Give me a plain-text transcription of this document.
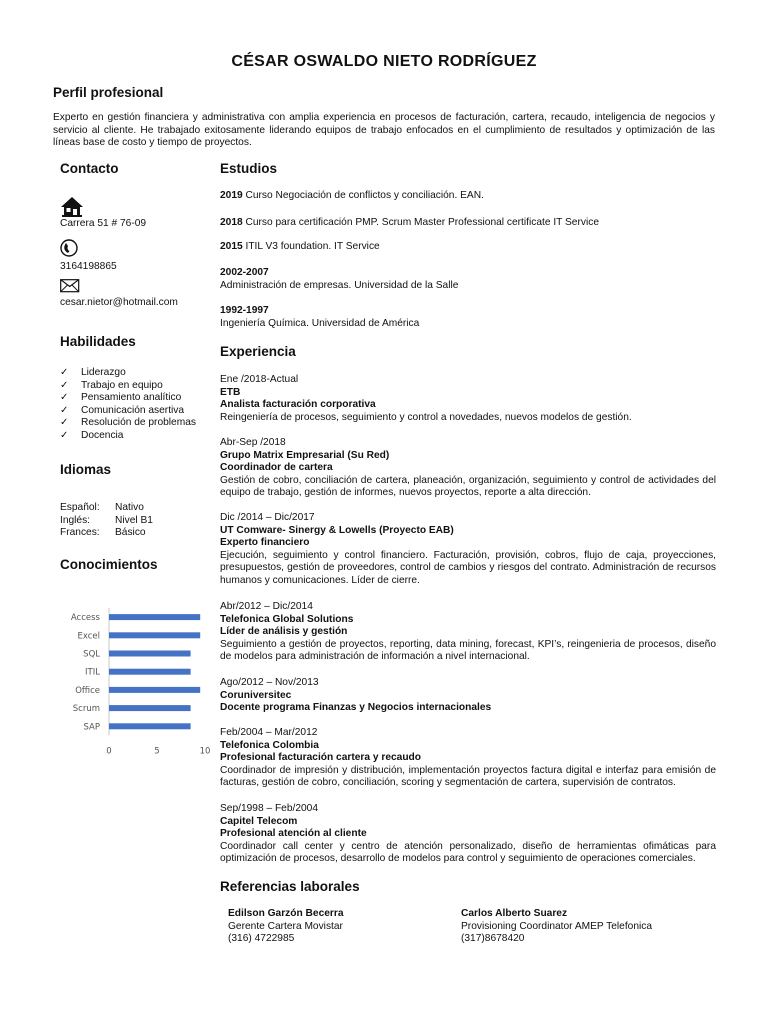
CÉSAR OSWALDO NIETO RODRÍGUEZ
Perfil profesional
Experto en gestión financiera y administrativa con amplia experiencia en procesos de facturación, cartera, recaudo, inteligencia de negocios y servicio al cliente. He trabajado exitosamente liderando equipos de trabajo enfocados en el cumplimiento de resultados y optimización de las líneas base de costo y tiempo de proyectos.
Contacto
Carrera 51 # 76-09
3164198865
cesar.nietor@hotmail.com
Habilidades
✓ Liderazgo
✓ Trabajo en equipo
✓ Pensamiento analítico
✓ Comunicación asertiva
✓ Resolución de problemas
✓ Docencia
Idiomas
Español: Nativo
Inglés: Nivel B1
Frances: Básico
Conocimientos
Access
Excel
SQL
ITIL
Office
Scrum
SAP
0	5	10
Estudios
2019 Curso Negociación de conflictos y conciliación. EAN.
2018 Curso para certificación PMP. Scrum Master Professional certificate IT Service
2015 ITIL V3 foundation. IT Service
2002-2007
Administración de empresas. Universidad de la Salle
1992-1997
Ingeniería Química. Universidad de América
Experiencia
Ene /2018-Actual
ETB
Analista facturación corporativa
Reingeniería de procesos, seguimiento y control a novedades, nuevos modelos de gestión.
Abr-Sep /2018
Grupo Matrix Empresarial (Su Red)
Coordinador de cartera
Gestión de cobro, conciliación de cartera, planeación, organización, seguimiento y control de actividades del equipo de trabajo, gestión de informes, nuevos proyectos, reporte a alta dirección.
Dic /2014 – Dic/2017
UT Comware- Sinergy & Lowells (Proyecto EAB)
Experto financiero
Ejecución, seguimiento y control financiero. Facturación, provisión, cobros, flujo de caja, proyecciones, presupuestos, gestión de proveedores, control de cambios y riesgos del contrato. Administración de recursos humanos y comunicaciones. Líder de cierre.
Abr/2012 – Dic/2014
Telefonica Global Solutions
Líder de análisis y gestión
Seguimiento a gestión de proyectos, reporting, data mining, forecast, KPI’s, reingenieria de procesos, diseño de modelos para administración de información a nivel internacional.
Ago/2012 – Nov/2013
Coruniversitec
Docente programa Finanzas y Negocios internacionales
Feb/2004 – Mar/2012
Telefonica Colombia
Profesional facturación cartera y recaudo
Coordinador de impresión y distribución, implementación proyectos factura digital e interfaz para emisión de facturas, gestión de cobro, conciliación, scoring y segmentación de cartera, supervisión de contratos.
Sep/1998 – Feb/2004
Capitel Telecom
Profesional atención al cliente
Coordinador call center y centro de atención personalizado, diseño de herramientas ofimáticas para optimización de procesos, desarrollo de modelos para control y seguimiento de operaciones comerciales.
Referencias laborales
Edilson Garzón Becerra
Gerente Cartera Movistar
(316) 4722985
Carlos Alberto Suarez
Provisioning Coordinator AMEP Telefonica
(317)8678420
